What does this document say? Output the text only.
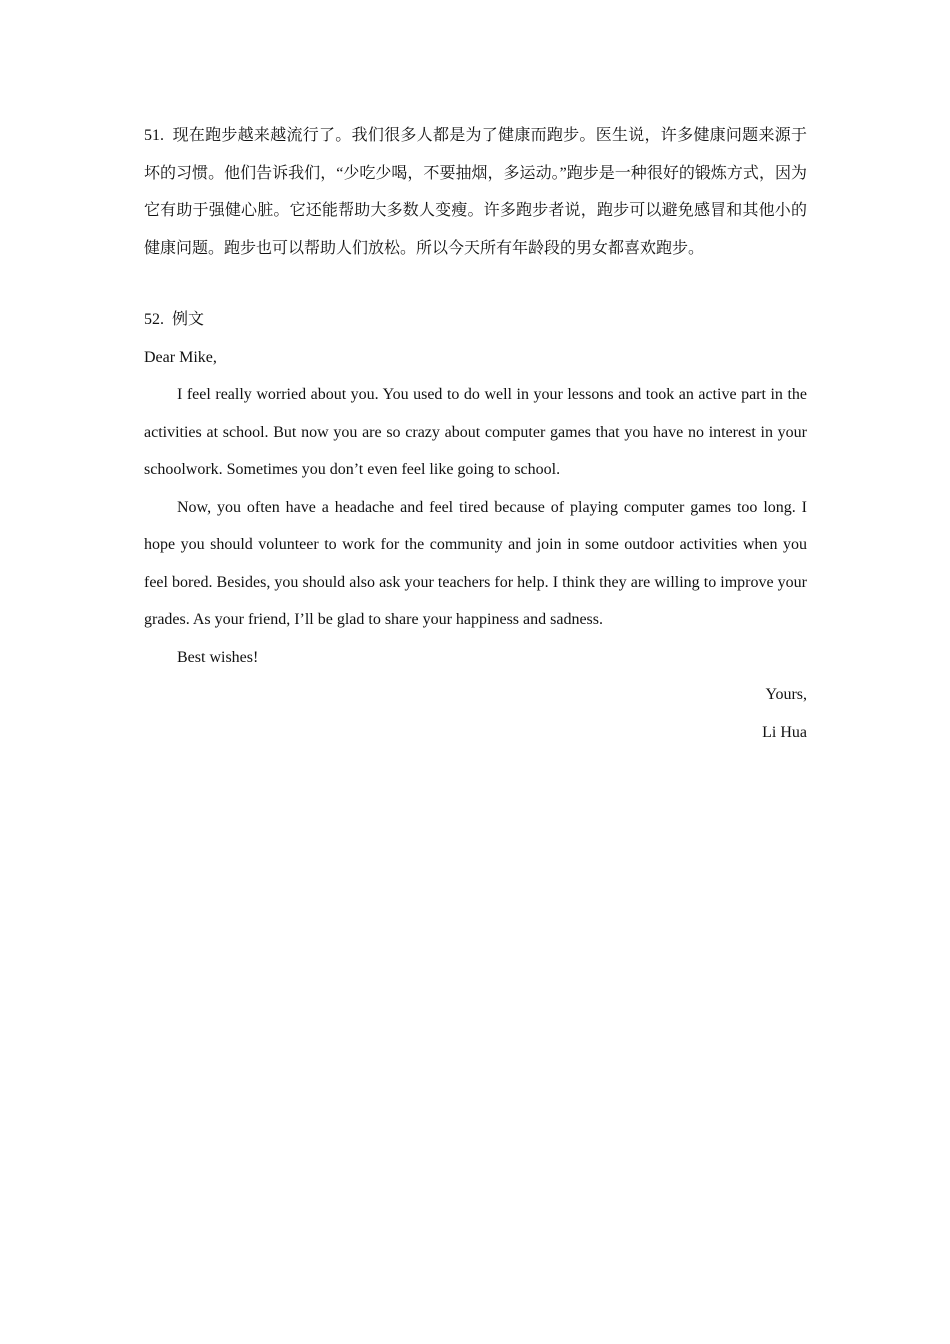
51. 现在跑步越来越流行了。我们很多人都是为了健康而跑步。医生说，许多健康问题来源于坏的习惯。他们告诉我们，“少吃少喝，不要抽烟，多运动。”跑步是一种很好的锻炼方式，因为它有助于强健心脏。它还能帮助大多数人变瘦。许多跑步者说，跑步可以避免感冒和其他小的健康问题。跑步也可以帮助人们放松。所以今天所有年龄段的男女都喜欢跑步。

52. 例文

Dear Mike,

I feel really worried about you. You used to do well in your lessons and took an active part in the activities at school. But now you are so crazy about computer games that you have no interest in your schoolwork. Sometimes you don’t even feel like going to school.

Now, you often have a headache and feel tired because of playing computer games too long. I hope you should volunteer to work for the community and join in some outdoor activities when you feel bored. Besides, you should also ask your teachers for help. I think they are willing to improve your grades. As your friend, I’ll be glad to share your happiness and sadness.

Best wishes!

Yours,

Li Hua
